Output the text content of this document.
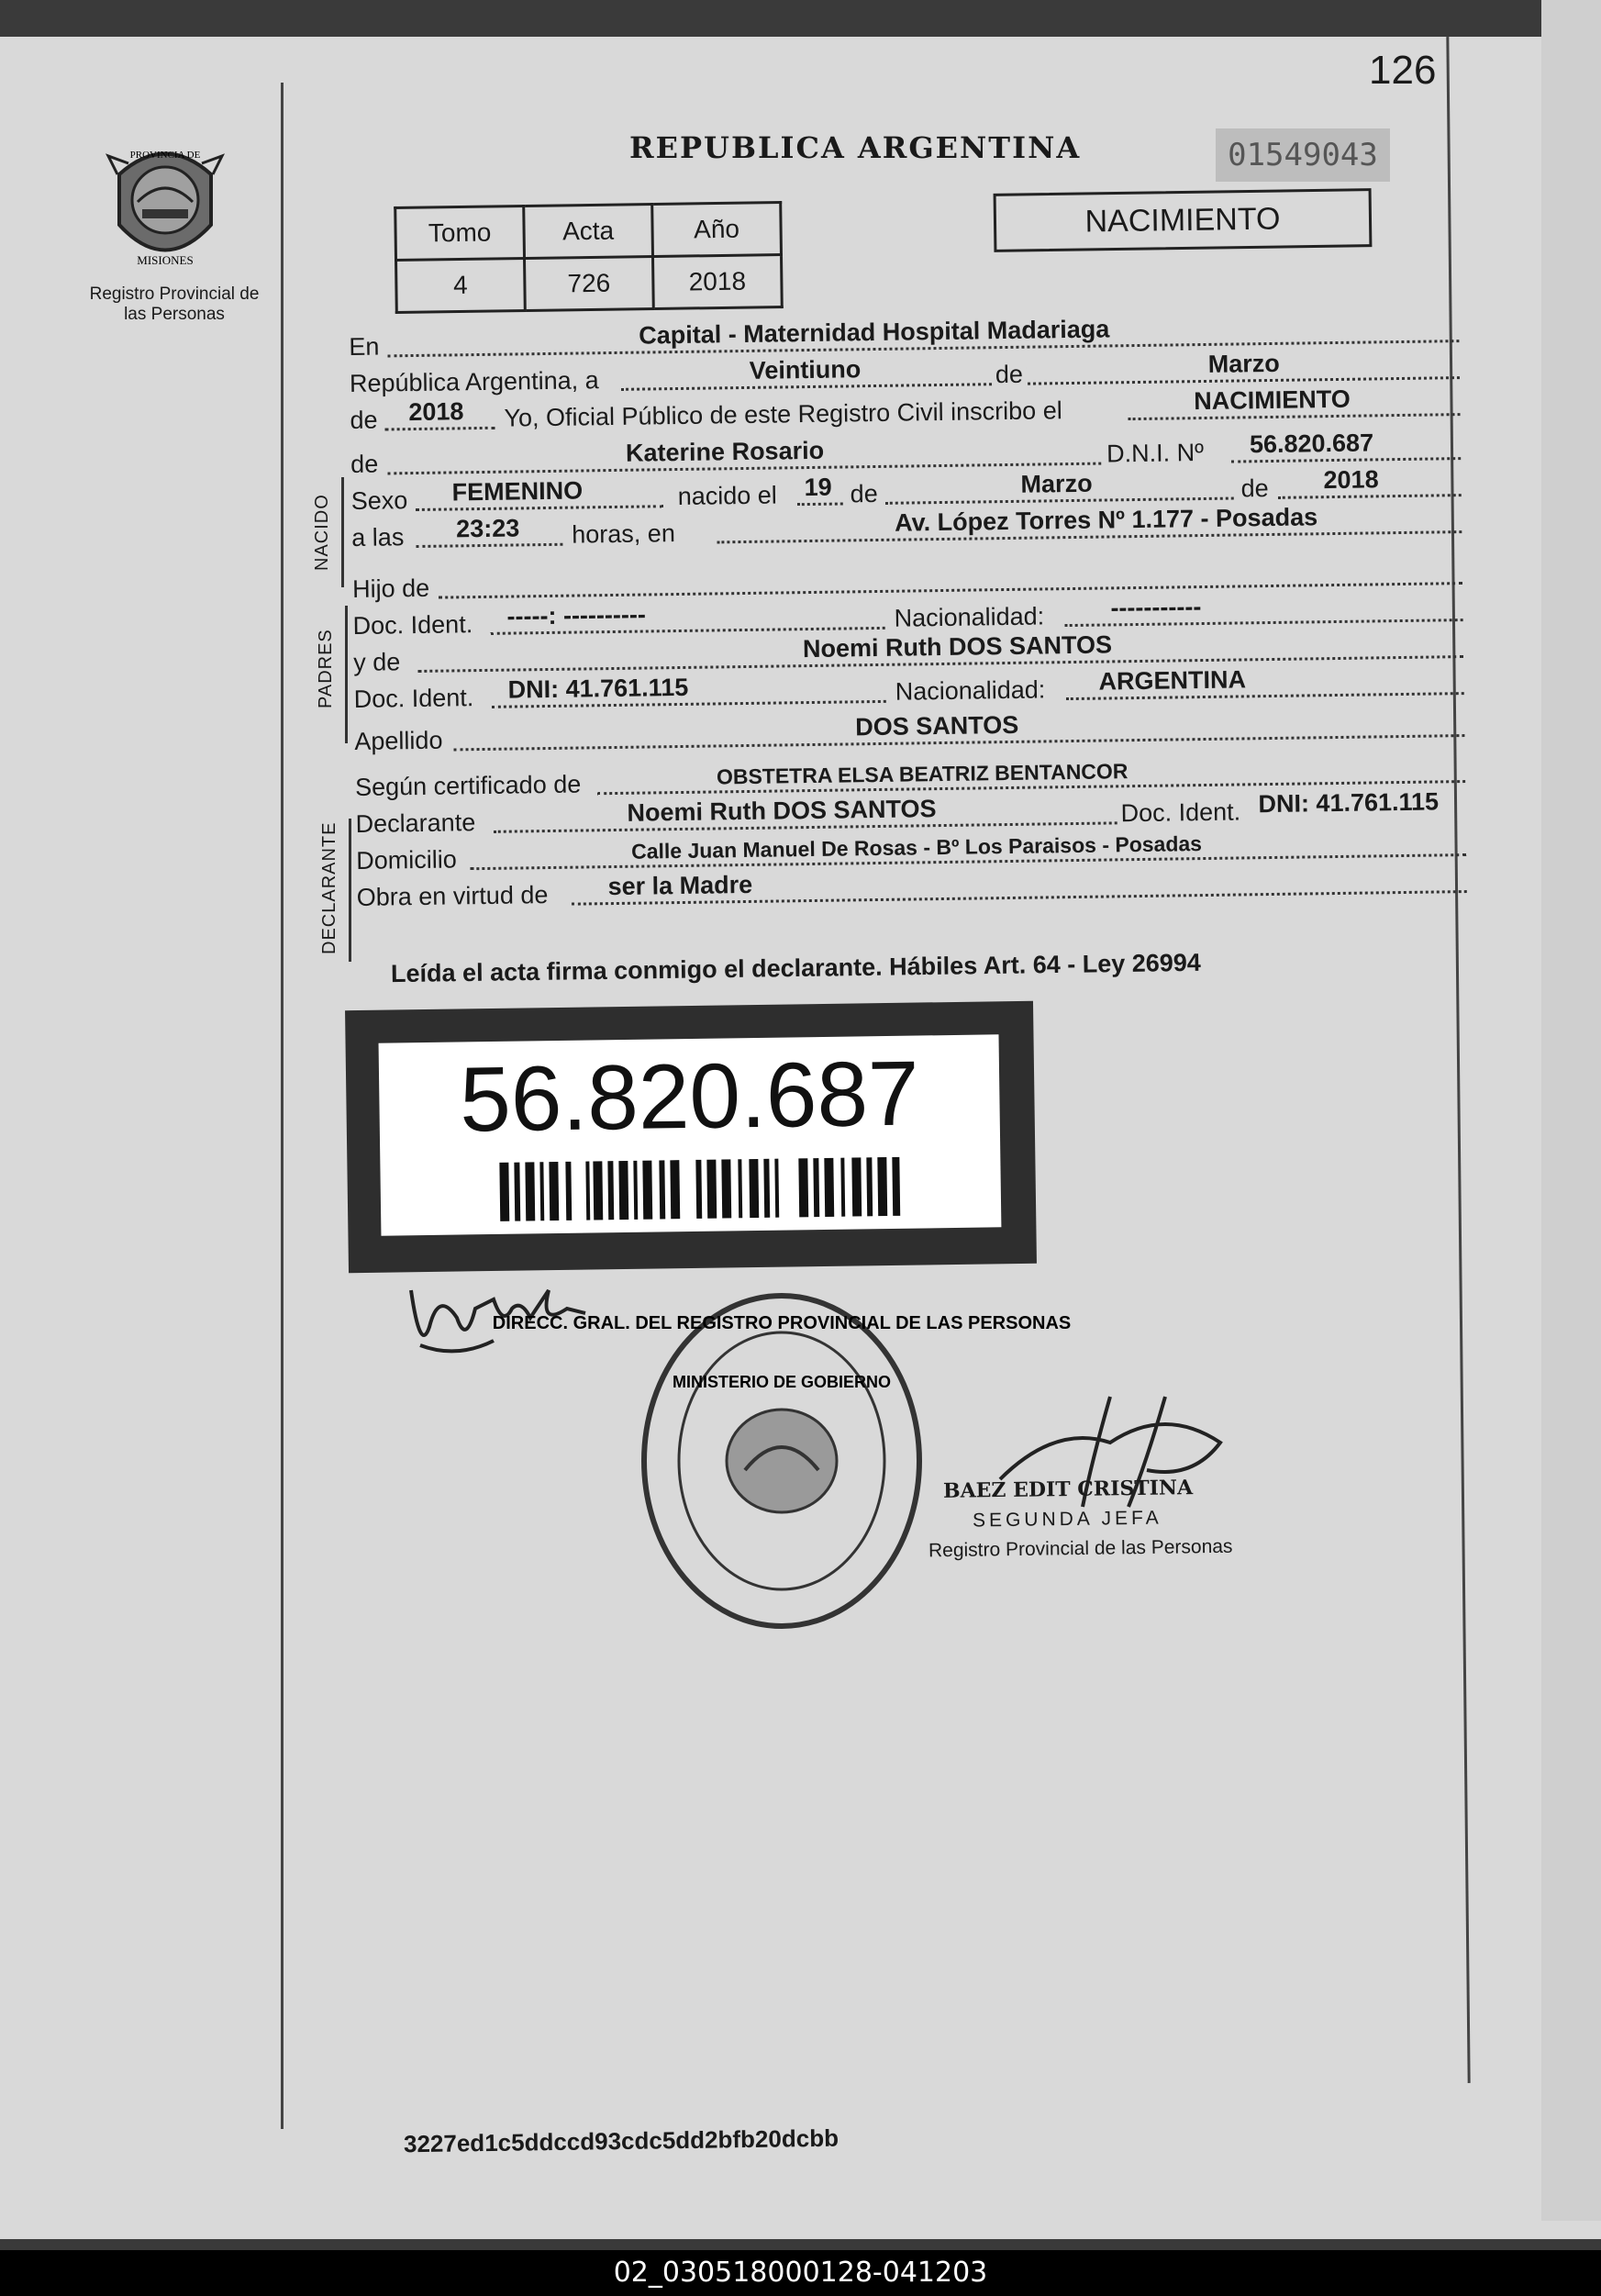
126
PROVINCIA DE
MISIONES
Registro Provincial de las Personas
REPUBLICA ARGENTINA	01549043
Tomo	Acta	Año
4	726	2018
NACIMIENTO
En	Capital - Maternidad Hospital Madariaga
República Argentina, a	Veintiuno	de	Marzo
de 2018 Yo, Oficial Público de este Registro Civil inscribo el	NACIMIENTO
de	Katerine Rosario	D.N.I. Nº 56.820.687
Sexo FEMENINO	nacido el 19 de	Marzo	de 2018
a las 23:23 horas, en	Av. López Torres Nº 1.177 - Posadas
Hijo de
Doc. Ident. -----: ----------	Nacionalidad:	-----------
y de	Noemi Ruth DOS SANTOS
Doc. Ident. DNI: 41.761.115	Nacionalidad: ARGENTINA
Apellido	DOS SANTOS
Según certificado de	OBSTETRA ELSA BEATRIZ BENTANCOR
Declarante	Noemi Ruth DOS SANTOS	Doc. Ident. DNI: 41.761.115
Domicilio	Calle Juan Manuel De Rosas - Bº Los Paraisos - Posadas
Obra en virtud de ser la Madre
NACIDO
PADRES
DECLARANTE
Leída el acta firma conmigo el declarante. Hábiles Art. 64 - Ley 26994
56.820.687
DIRECC. GRAL. DEL REGISTRO PROVINCIAL DE LAS PERSONAS
MINISTERIO DE GOBIERNO
BAEZ EDIT CRISTINA
SEGUNDA JEFA
Registro Provincial de las Personas
3227ed1c5ddccd93cdc5dd2bfb20dcbb
02_030518000128-041203
